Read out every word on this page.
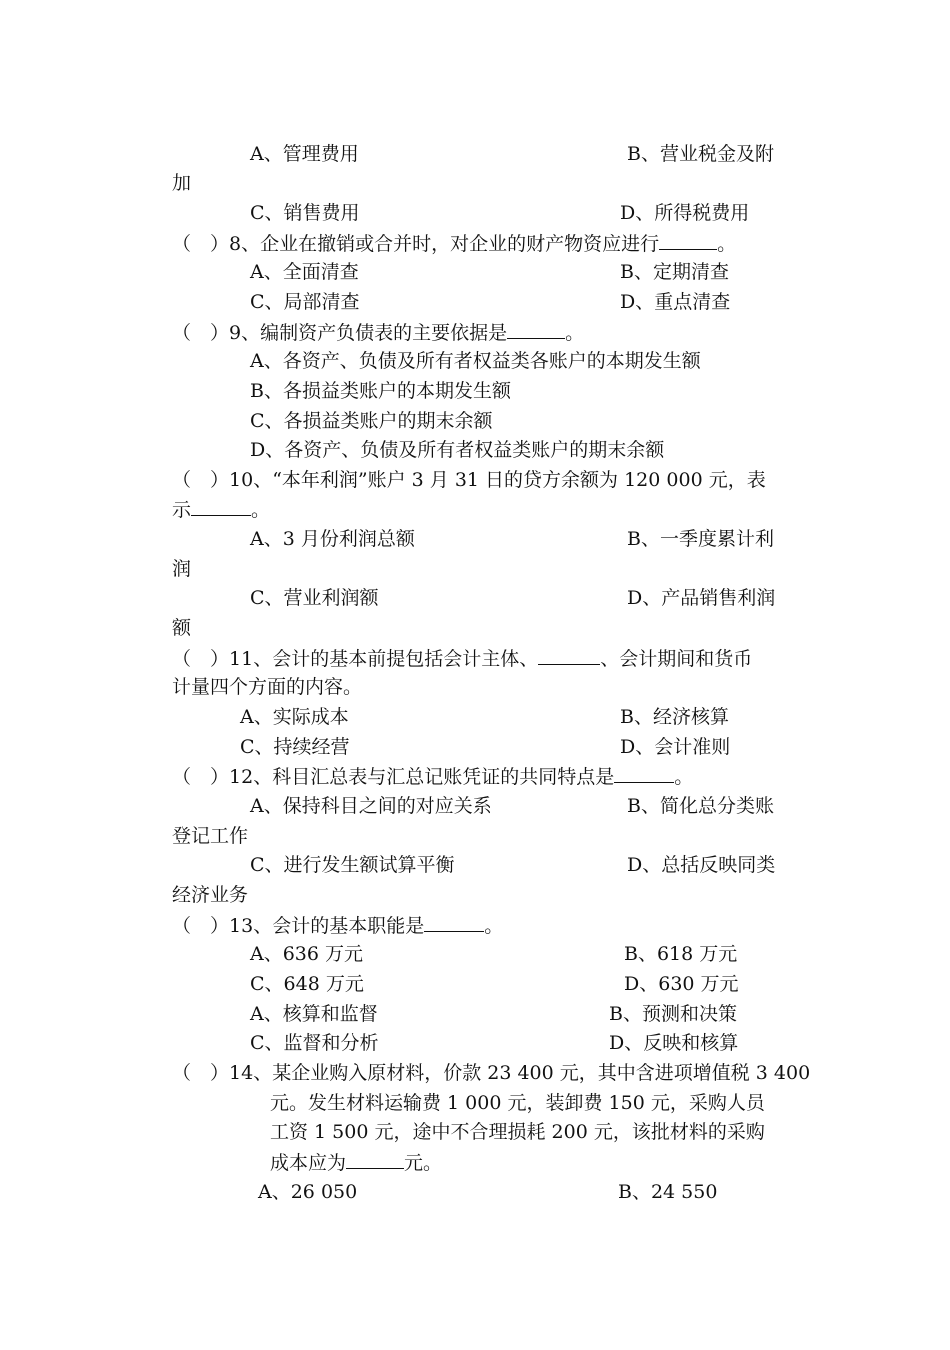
A、管理费用	B、营业税金及附
加
C、销售费用	D、所得税费用
（　）8、企业在撤销或合并时，对企业的财产物资应进行	。
A、全面清查	B、定期清查
C、局部清查	D、重点清查
（　）9、编制资产负债表的主要依据是	。
A、各资产、负债及所有者权益类各账户的本期发生额
B、各损益类账户的本期发生额
C、各损益类账户的期末余额
D、各资产、负债及所有者权益类账户的期末余额
（　）10、“本年利润”账户 3 月 31 日的贷方余额为 120 000 元，表
示	。
A、3 月份利润总额	B、一季度累计利
润
C、营业利润额	D、产品销售利润
额
（　）11、会计的基本前提包括会计主体、	、会计期间和货币
计量四个方面的内容。
A、实际成本	B、经济核算
C、持续经营	D、会计准则
（　）12、科目汇总表与汇总记账凭证的共同特点是	。
A、保持科目之间的对应关系	B、简化总分类账
登记工作
C、进行发生额试算平衡	D、总括反映同类
经济业务
（　）13、会计的基本职能是	。
A、636 万元	B、618 万元
C、648 万元	D、630 万元
A、核算和监督	B、预测和决策
C、监督和分析	D、反映和核算
（　）14、某企业购入原材料，价款 23 400 元，其中含进项增值税 3 400
元。发生材料运输费 1 000 元，装卸费 150 元，采购人员
工资 1 500 元，途中不合理损耗 200 元，该批材料的采购
成本应为	元。
A、26 050	B、24 550
